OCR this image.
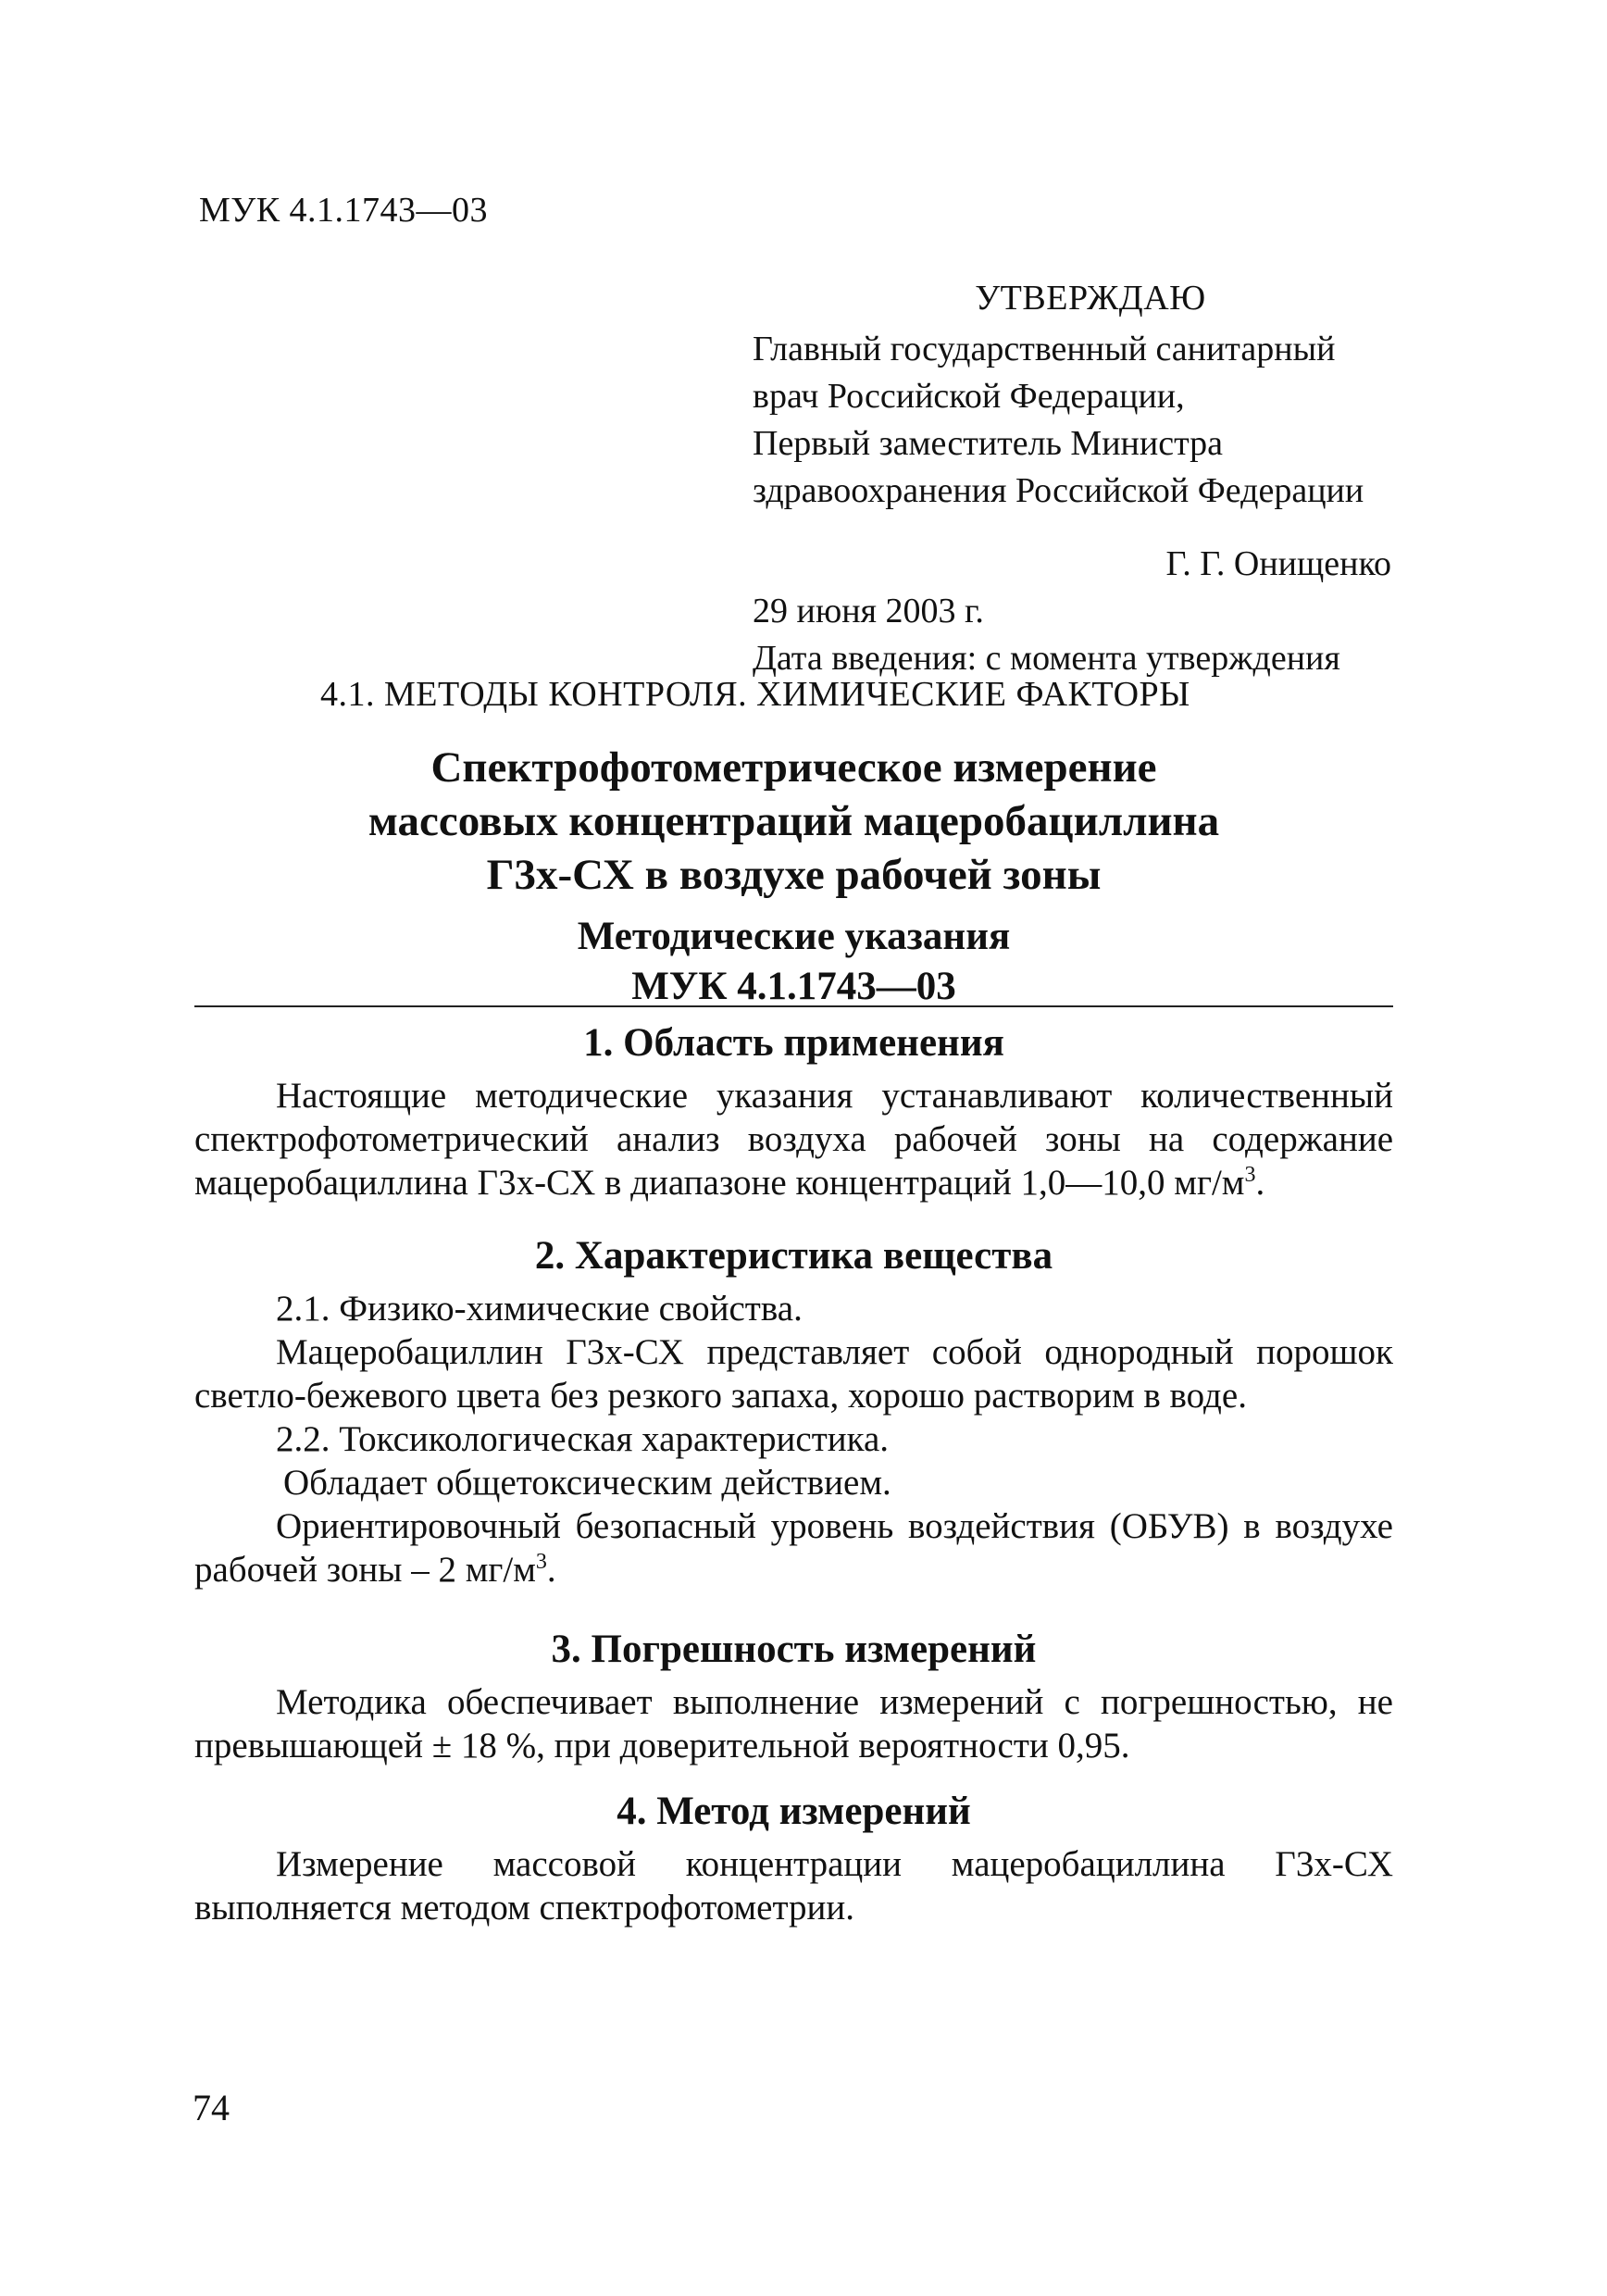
МУК 4.1.1743—03
УТВЕРЖДАЮ
Главный государственный санитарный
врач Российской Федерации,
Первый заместитель Министра
здравоохранения Российской Федерации
Г. Г. Онищенко
29 июня 2003 г.
Дата введения: с момента утверждения
4.1. МЕТОДЫ КОНТРОЛЯ. ХИМИЧЕСКИЕ ФАКТОРЫ
Спектрофотометрическое измерение
массовых концентраций мацеробациллина
Г3х-СХ в воздухе рабочей зоны
Методические указания
МУК 4.1.1743—03
1. Область применения
Настоящие методические указания устанавливают количественный спектрофотометрический анализ воздуха рабочей зоны на содержание мацеробациллина Г3х-СХ в диапазоне концентраций 1,0—10,0 $мг/м^3$.
2. Характеристика вещества
2.1. Физико-химические свойства.
Мацеробациллин Г3х-СХ представляет собой однородный порошок светло-бежевого цвета без резкого запаха, хорошо растворим в воде.
2.2. Токсикологическая характеристика.
Обладает общетоксическим действием.
Ориентировочный безопасный уровень воздействия (ОБУВ) в воздухе рабочей зоны – 2 $мг/м^3$.
3. Погрешность измерений
Методика обеспечивает выполнение измерений с погрешностью, не превышающей ± 18 %, при доверительной вероятности 0,95.
4. Метод измерений
Измерение массовой концентрации мацеробациллина Г3х-СХ выполняется методом спектрофотометрии.
74
